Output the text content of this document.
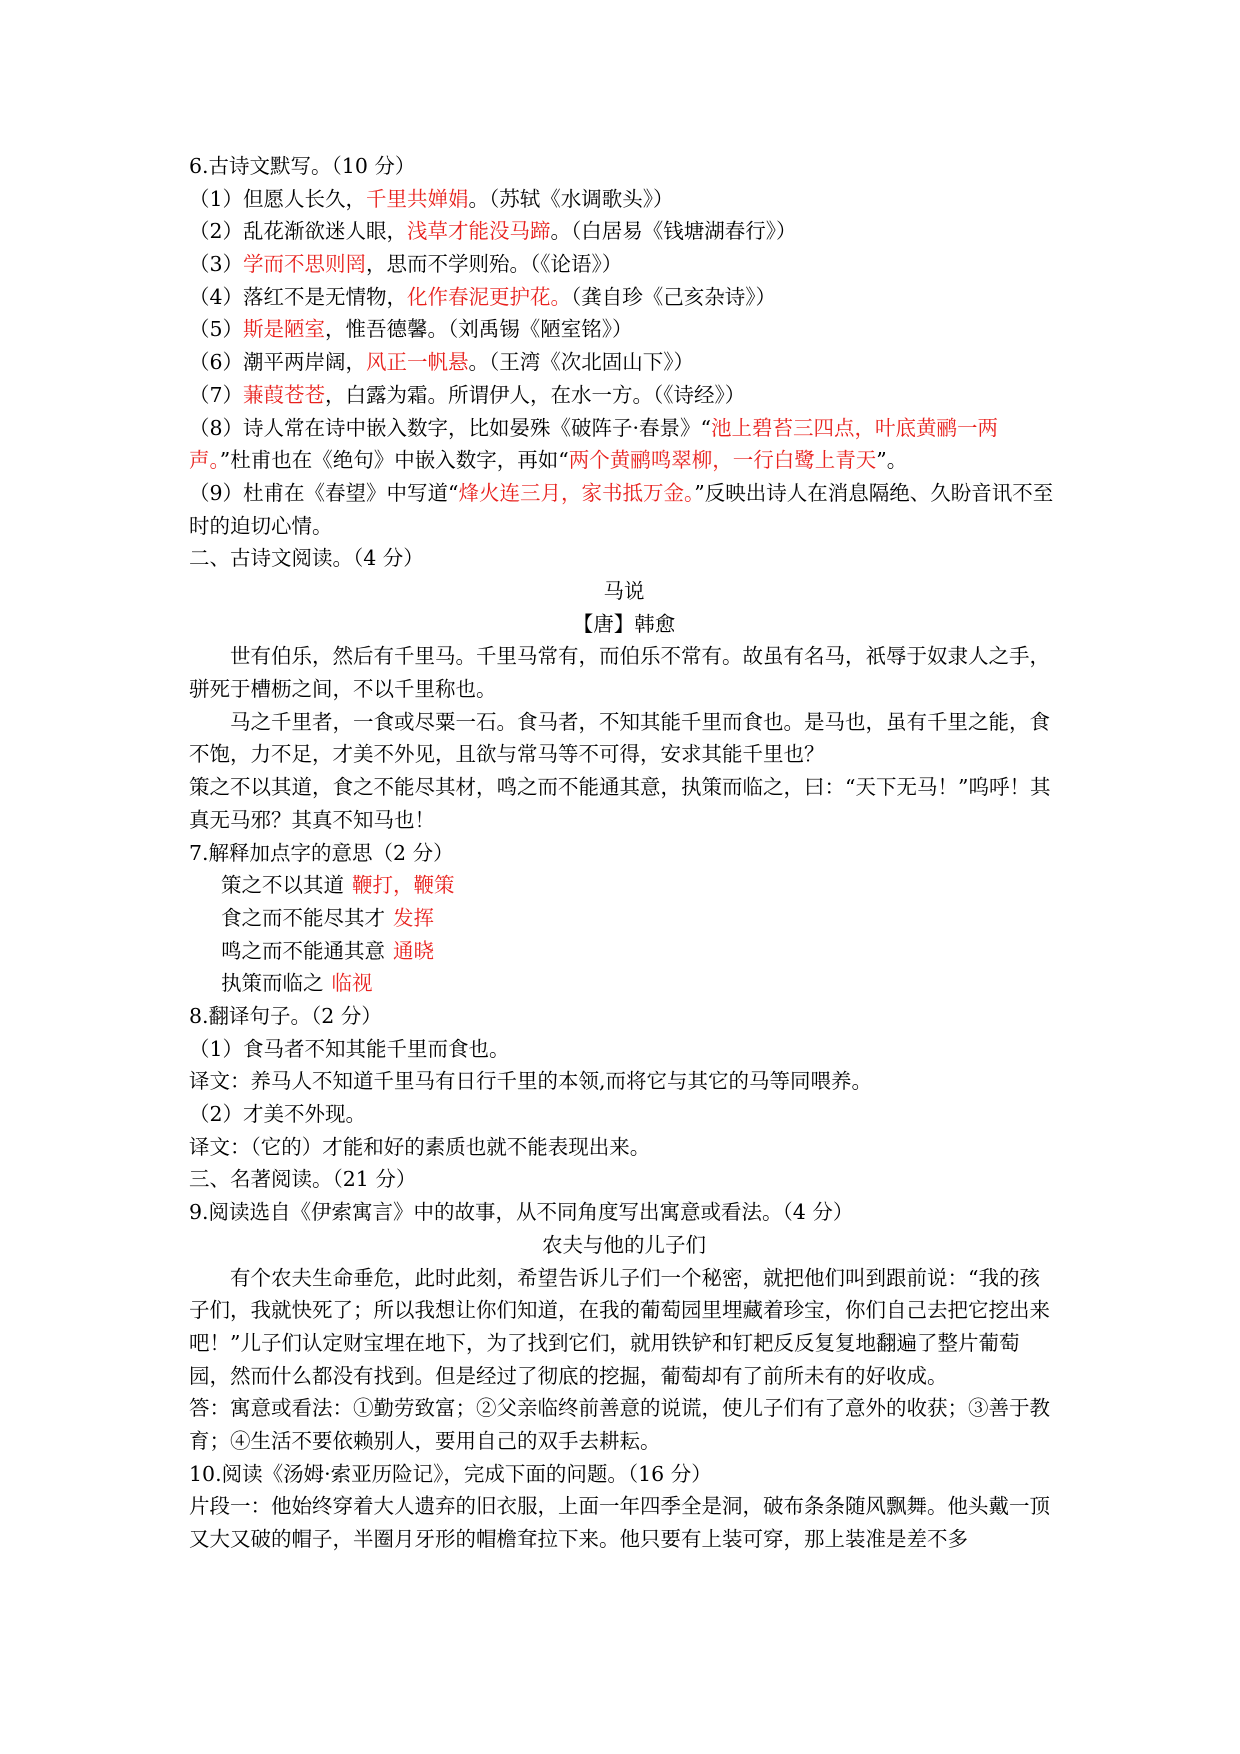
6.古诗文默写。（10 分）
（1）但愿人长久，千里共婵娟。（苏轼《水调歌头》）
（2）乱花渐欲迷人眼，浅草才能没马蹄。（白居易《钱塘湖春行》）
（3）学而不思则罔，思而不学则殆。（《论语》）
（4）落红不是无情物，化作春泥更护花。（龚自珍《己亥杂诗》）
（5）斯是陋室，惟吾德馨。（刘禹锡《陋室铭》）
（6）潮平两岸阔，风正一帆悬。（王湾《次北固山下》）
（7）蒹葭苍苍，白露为霜。所谓伊人，在水一方。（《诗经》）
（8）诗人常在诗中嵌入数字，比如晏殊《破阵子·春景》“池上碧苔三四点，叶底黄鹂一两声。”杜甫也在《绝句》中嵌入数字，再如“两个黄鹂鸣翠柳，一行白鹭上青天”。
（9）杜甫在《春望》中写道“烽火连三月，家书抵万金。”反映出诗人在消息隔绝、久盼音讯不至时的迫切心情。
二、古诗文阅读。（4 分）
马说
【唐】韩愈
世有伯乐，然后有千里马。千里马常有，而伯乐不常有。故虽有名马，祇辱于奴隶人之手，骈死于槽枥之间，不以千里称也。
马之千里者，一食或尽粟一石。食马者，不知其能千里而食也。是马也，虽有千里之能，食不饱，力不足，才美不外见，且欲与常马等不可得，安求其能千里也？
策之不以其道，食之不能尽其材，鸣之而不能通其意，执策而临之，曰：“天下无马！”呜呼！其真无马邪？其真不知马也！
7.解释加点字的意思（2 分）
策之不以其道 鞭打，鞭策
食之而不能尽其才 发挥
鸣之而不能通其意 通晓
执策而临之 临视
8.翻译句子。（2 分）
（1）食马者不知其能千里而食也。
译文：养马人不知道千里马有日行千里的本领,而将它与其它的马等同喂养。
（2）才美不外现。
译文：（它的）才能和好的素质也就不能表现出来。
三、名著阅读。（21 分）
9.阅读选自《伊索寓言》中的故事，从不同角度写出寓意或看法。（4 分）
农夫与他的儿子们
有个农夫生命垂危，此时此刻，希望告诉儿子们一个秘密，就把他们叫到跟前说：“我的孩子们，我就快死了；所以我想让你们知道，在我的葡萄园里埋藏着珍宝，你们自己去把它挖出来吧！”儿子们认定财宝埋在地下，为了找到它们，就用铁铲和钉耙反反复复地翻遍了整片葡萄园，然而什么都没有找到。但是经过了彻底的挖掘，葡萄却有了前所未有的好收成。
答：寓意或看法：①勤劳致富；②父亲临终前善意的说谎，使儿子们有了意外的收获；③善于教育；④生活不要依赖别人，要用自己的双手去耕耘。
10.阅读《汤姆·索亚历险记》，完成下面的问题。（16 分）
片段一：他始终穿着大人遗弃的旧衣服，上面一年四季全是洞，破布条条随风飘舞。他头戴一顶又大又破的帽子，半圈月牙形的帽檐耷拉下来。他只要有上装可穿，那上装准是差不多
